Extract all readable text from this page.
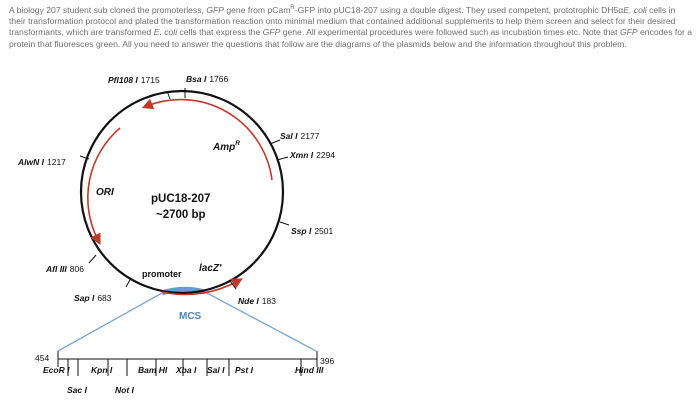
A biology 207 student sub cloned the promoterless, GFP gene from pCam$^R$-GFP into pUC18-207 using a double digest. They used competent, prototrophic DH5αE. coli cells in their transformation protocol and plated the transformation reaction onto minimal medium that contained additional supplements to help them screen and select for their desired transformants, which are transformed E. coli cells that express the GFP gene. All experimental procedures were followed such as incubation times etc. Note that GFP encodes for a protein that fluoresces green. All you need to answer the questions that follow are the diagrams of the plasmids below and the information throughout this problem.
Pfl108 I 1715	Bsa I 1766
Sal I 2177
Xmn I 2294
Ssp I 2501
AlwN I 1217
Afl III 806
Sap I 683	Nde I 183
Amp$^R$
ORI
lacZ'
promoter
pUC18-207
~2700 bp
MCS
454	396
EcoR I
Sac I
Kpn I
Not I
Bam HI Xba I Sal I Pst I	Hind III
